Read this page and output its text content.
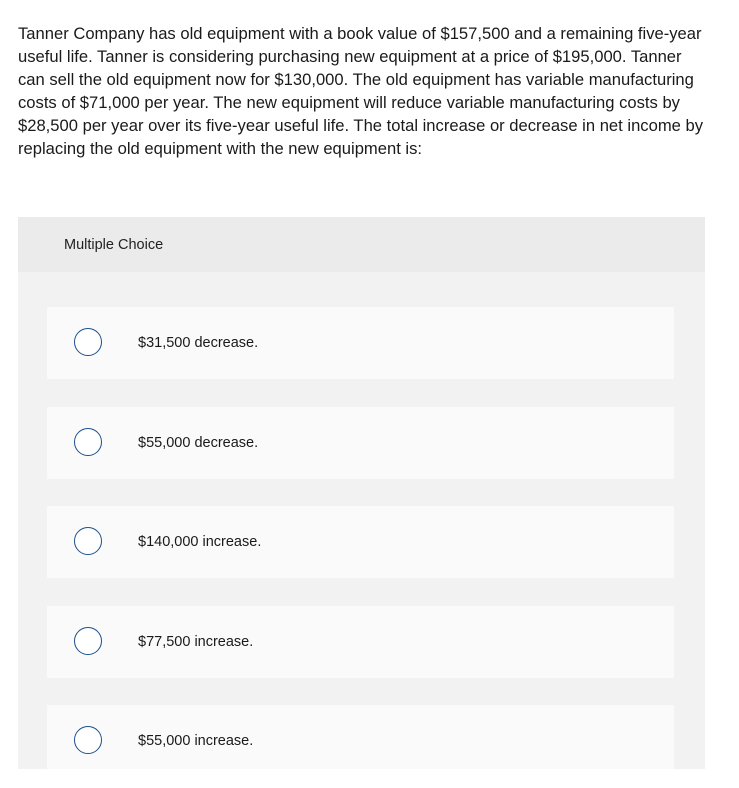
Tanner Company has old equipment with a book value of $157,500 and a remaining five-year useful life. Tanner is considering purchasing new equipment at a price of $195,000. Tanner can sell the old equipment now for $130,000. The old equipment has variable manufacturing costs of $71,000 per year. The new equipment will reduce variable manufacturing costs by $28,500 per year over its five-year useful life. The total increase or decrease in net income by replacing the old equipment with the new equipment is:

Multiple Choice
$31,500 decrease.
$55,000 decrease.
$140,000 increase.
$77,500 increase.
$55,000 increase.
